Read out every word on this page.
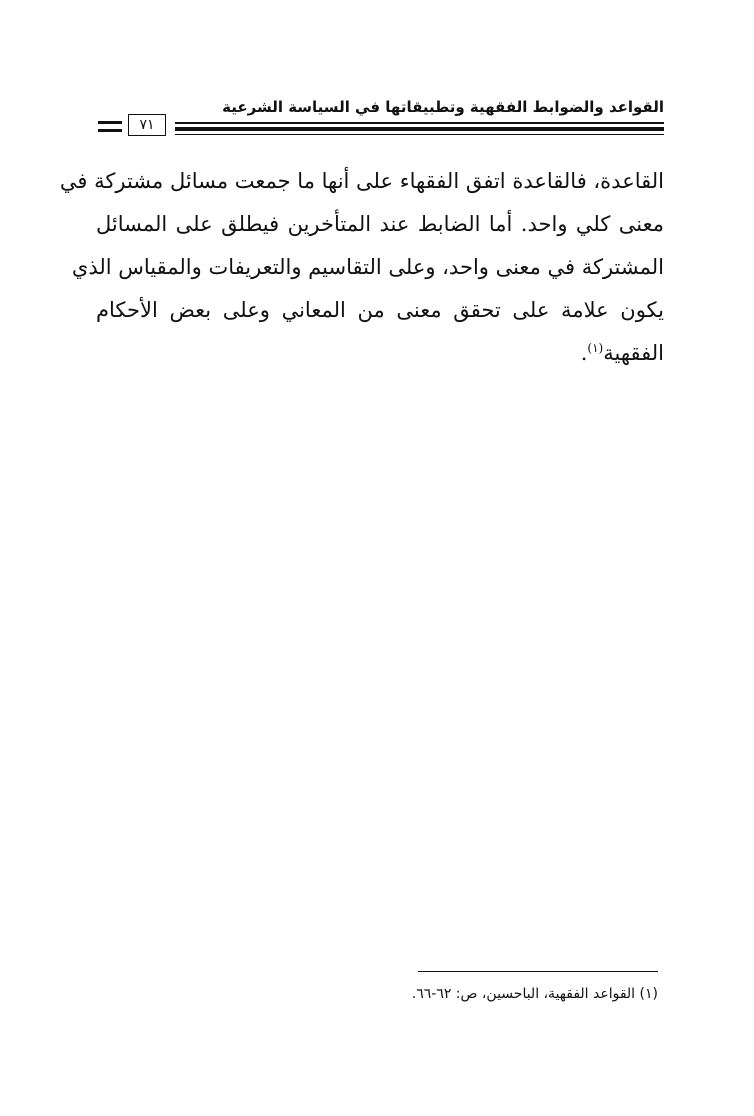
القواعد والضوابط الفقهية وتطبيقاتها في السياسة الشرعية
٧١
القاعدة، فالقاعدة اتفق الفقهاء على أنها ما جمعت مسائل مشتركة في
معنى كلي واحد. أما الضابط عند المتأخرين فيطلق على المسائل
المشتركة في معنى واحد، وعلى التقاسيم والتعريفات والمقياس الذي
يكون علامة على تحقق معنى من المعاني وعلى بعض الأحكام
الفقهية$^{(١)}$.
(١) القواعد الفقهية، الباحسين، ص: ٦٢-٦٦.
